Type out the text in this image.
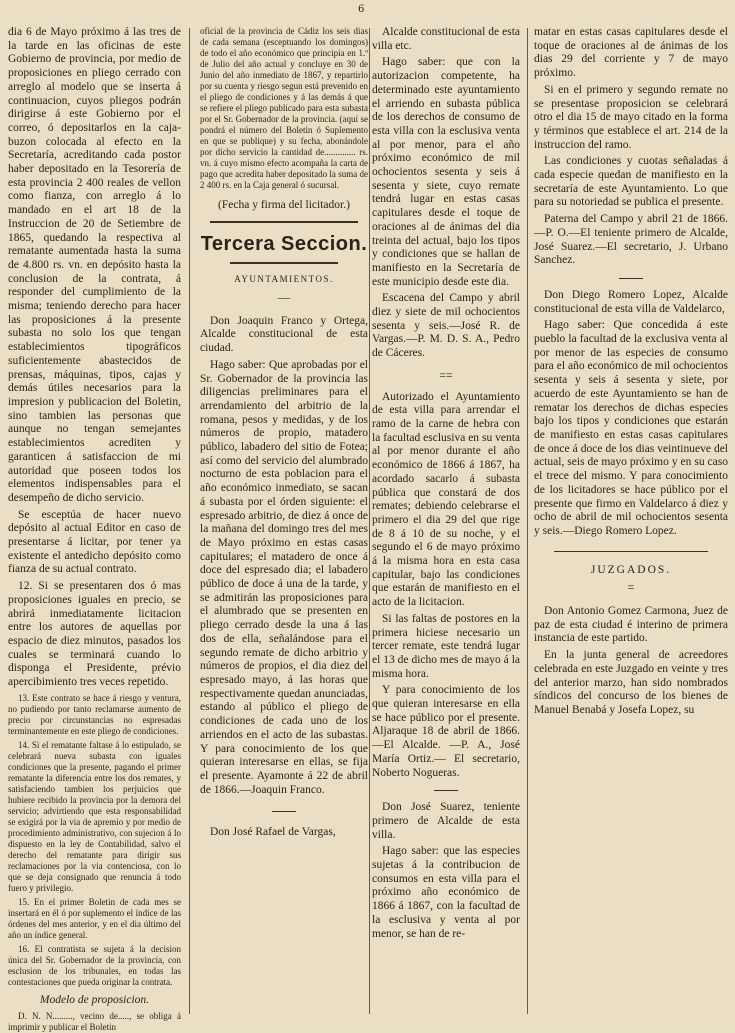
6

dia 6 de Mayo próximo á las tres de la tarde en las oficinas de este Gobierno de provincia, por medio de proposiciones en pliego cerrado con arreglo al modelo que se inserta á continuacion, cuyos pliegos podrán dirigirse á este Gobierno por el correo, ó depositarlos en la caja-buzon colocada al efecto en la Secretaría, acreditando cada postor haber depositado en la Tesorería de esta provincia 2 400 reales de vellon como fianza, con arreglo á lo mandado en el art 18 de la Instruccion de 20 de Setiembre de 1865, quedando la respectiva al rematante aumentada hasta la suma de 4.800 rs. vn. en depósito hasta la conclusion de la contrata, á responder del cumplimiento de la misma; teniendo derecho para hacer las proposiciones á la presente subasta no solo los que tengan establecimientos tipográficos suficientemente abastecidos de prensas, máquinas, tipos, cajas y demás útiles necesarios para la impresion y publicacion del Boletin, sino tambien las personas que aunque no tengan semejantes establecimientos acrediten y garanticen á satisfaccion de mi autoridad que poseen todos los elementos indispensables para el desempeño de dicho servicio.

Se esceptúa de hacer nuevo depósito al actual Editor en caso de presentarse á licitar, por tener ya existente el antedicho depósito como fianza de su actual contrato.

12. Si se presentaren dos ó mas proposiciones iguales en precio, se abrirá inmediatamente licitacion entre los autores de aquellas por espacio de diez minutos, pasados los cuales se terminará cuando lo disponga el Presidente, prévio apercibimiento tres veces repetido.

13. Este contrato se hace á riesgo y ventura, no pudiendo por tanto reclamarse aumento de precio por circunstancias no espresadas terminantemente en este pliego de condiciones.

14. Si el rematante faltase á lo estipulado, se celebrará nueva subasta con iguales condiciones que la presente, pagando el primer rematante la diferencia entre los dos remates, y satisfaciendo tambien los perjuicios que hubiere recibido la provincia por la demora del servicio; advirtiendo que esta responsabilidad se exigirá por la via de apremio y por medio de procedimiento administrativo, con sujecion á lo dispuesto en la ley de Contabilidad, salvo el derecho del rematante para dirigir sus reclamaciones por la via contenciosa, con lo que se deja consignado que renuncia á todo fuero y privilegio.

15. En el primer Boletin de cada mes se insertará en él ó por suplemento el índice de las órdenes del mes anterior, y en el dia último del año un índice general.

16. El contratista se sujeta á la decision única del Sr. Gobernador de la provincia, con esclusion de los tribunales, en todas las contestaciones que pueda originar la contrata.

Modelo de proposicion.

D. N. N........., vecino de....., se obliga á imprimir y publicar el Boletin

oficial de la provincia de Cádiz los seis dias de cada semana (esceptuando los domingos) de todo el año económico que principia en 1.º de Julio del año actual y concluye en 30 de Junio del año inmediato de 1867, y repartirlo por su cuenta y riesgo segun está prevenido en el pliego de condiciones y á las demás á que se refiere el pliego publicado para esta subasta por el Sr. Gobernador de la provincia. (aquí se pondrá el número del Boletin ó Suplemento en que se publique) y su fecha, abonándole por dicho servicio la cantidad de.............. rs. vn. á cuyo mismo efecto acompaña la carta de pago que acredita haber depositado la suma de 2 400 rs. en la Caja general ó sucursal.

(Fecha y firma del licitador.)

Tercera Seccion.
AYUNTAMIENTOS.
—

Don Joaquin Franco y Ortega, Alcalde constitucional de esta ciudad.

Hago saber: Que aprobadas por el Sr. Gobernador de la provincia las diligencias preliminares para el arrendamiento del arbitrio de la romana, pesos y medidas, y de los números de propio, matadero público, labadero del sitio de Fotea; así como del servicio del alumbrado nocturno de esta poblacion para el año económico inmediato, se sacan á subasta por el órden siguiente: el espresado arbitrio, de diez á once de la mañana del domingo tres del mes de Mayo próximo en estas casas capitulares; el matadero de once á doce del espresado dia; el labadero público de doce á una de la tarde, y se admitirán las proposiciones para el alumbrado que se presenten en pliego cerrado desde la una á las dos de ella, señalándose para el segundo remate de dicho arbitrio y números de propios, el dia diez del espresado mayo, á las horas que respectivamente quedan anunciadas, estando al público el pliego de condiciones de cada uno de los arriendos en el acto de las subastas. Y para conocimiento de los que quieran interesarse en ellas, se fija el presente. Ayamonte á 22 de abril de 1866.—Joaquin Franco.

Don José Rafael de Vargas,

Alcalde constitucional de esta villa etc.

Hago saber: que con la autorizacion competente, ha determinado este ayuntamiento el arriendo en subasta pública de los derechos de consumo de esta villa con la esclusiva venta al por menor, para el año próximo económico de mil ochocientos sesenta y seis á sesenta y siete, cuyo remate tendrá lugar en estas casas capitulares desde el toque de oraciones al de ánimas del dia treinta del actual, bajo los tipos y condiciones que se hallan de manifiesto en la Secretaría de este municipio desde este dia.

Escacena del Campo y abril diez y siete de mil ochocientos sesenta y seis.—José R. de Vargas.—P. M. D. S. A., Pedro de Cáceres.

==

Autorizado el Ayuntamiento de esta villa para arrendar el ramo de la carne de hebra con la facultad esclusiva en su venta al por menor durante el año económico de 1866 á 1867, ha acordado sacarlo á subasta pública que constará de dos remates; debiendo celebrarse el primero el dia 29 del que rige de 8 á 10 de su noche, y el segundo el 6 de mayo próximo á la misma hora en esta casa capitular, bajo las condiciones que estarán de manifiesto en el acto de la licitacion.

Si las faltas de postores en la primera hiciese necesario un tercer remate, este tendrá lugar el 13 de dicho mes de mayo á la misma hora.

Y para conocimiento de los que quieran interesarse en ella se hace público por el presente. Aljaraque 18 de abril de 1866.—El Alcalde. —P. A., José María Ortiz.— El secretario, Noberto Nogueras.

Don José Suarez, teniente primero de Alcalde de esta villa.

Hago saber: que las especies sujetas á la contribucion de consumos en esta villa para el próximo año económico de 1866 á 1867, con la facultad de la esclusiva y venta al por menor, se han de re-

matar en estas casas capitulares desde el toque de oraciones al de ánimas de los dias 29 del corriente y 7 de mayo próximo.

Si en el primero y segundo remate no se presentase proposicion se celebrará otro el dia 15 de mayo citado en la forma y términos que establece el art. 214 de la instruccion del ramo.

Las condiciones y cuotas señaladas á cada especie quedan de manifiesto en la secretaría de este Ayuntamiento. Lo que para su notoriedad se publica el presente.

Paterna del Campo y abril 21 de 1866.—P. O.—El teniente primero de Alcalde, José Suarez.—El secretario, J. Urbano Sanchez.

Don Diego Romero Lopez, Alcalde constitucional de esta villa de Valdelarco,

Hago saber: Que concedida á este pueblo la facultad de la exclusiva venta al por menor de las especies de consumo para el año económico de mil ochocientos sesenta y seis á sesenta y siete, por acuerdo de este Ayuntamiento se han de rematar los derechos de dichas especies bajo los tipos y condiciones que estarán de manifiesto en estas casas capitulares de once á doce de los dias veintinueve del actual, seis de mayo próximo y en su caso el trece del mismo. Y para conocimiento de los licitadores se hace público por el presente que firmo en Valdelarco á diez y ocho de abril de mil ochocientos sesenta y seis.—Diego Romero Lopez.

JUZGADOS.
=

Don Antonio Gomez Carmona, Juez de paz de esta ciudad é interino de primera instancia de este partido.

En la junta general de acreedores celebrada en este Juzgado en veinte y tres del anterior marzo, han sido nombrados síndicos del concurso de los bienes de Manuel Benabá y Josefa Lopez, su
